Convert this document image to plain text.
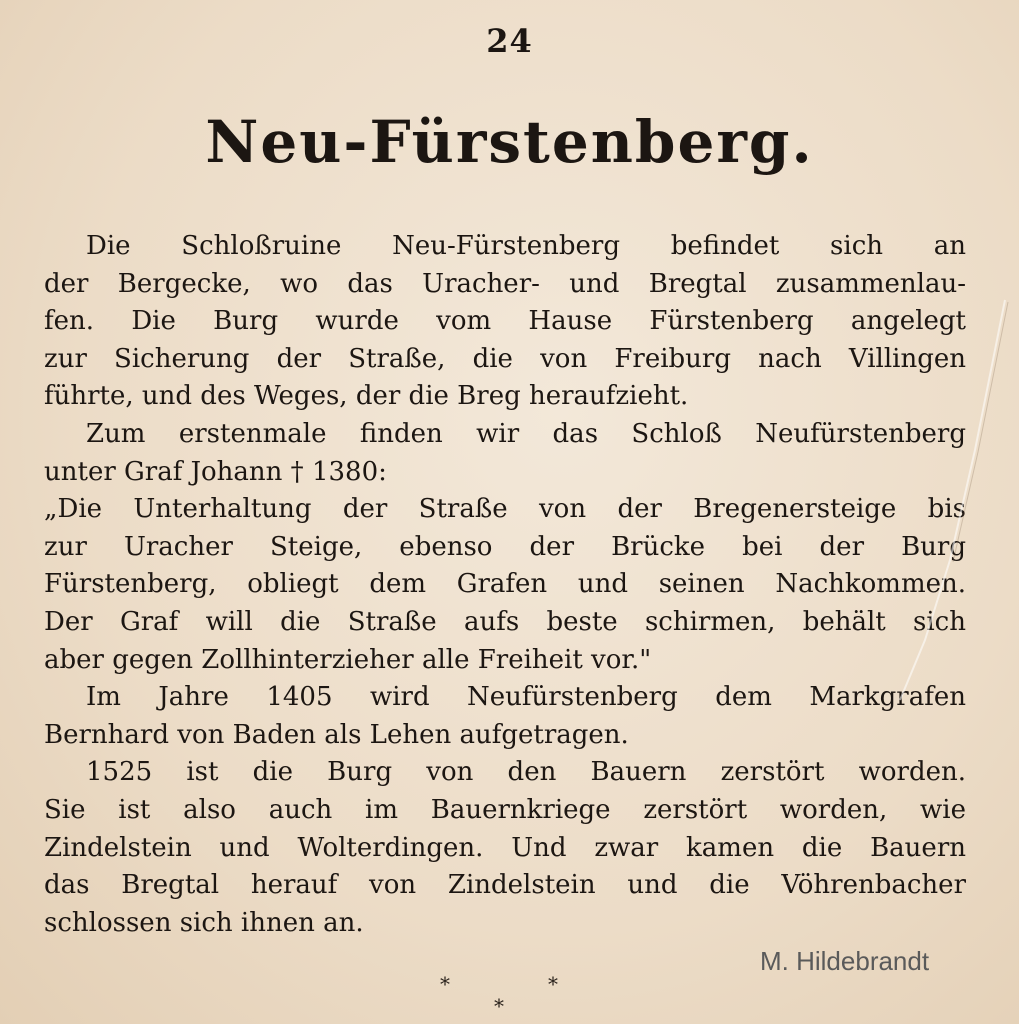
24
Neu-Fürstenberg.
Die Schloßruine Neu-Fürstenberg befindet sich an
der Bergecke, wo das Uracher- und Bregtal zusammenlau-
fen. Die Burg wurde vom Hause Fürstenberg angelegt
zur Sicherung der Straße, die von Freiburg nach Villingen
führte, und des Weges, der die Breg heraufzieht.
Zum erstenmale finden wir das Schloß Neufürstenberg
unter Graf Johann † 1380:
„Die Unterhaltung der Straße von der Bregenersteige bis
zur Uracher Steige, ebenso der Brücke bei der Burg
Fürstenberg, obliegt dem Grafen und seinen Nachkommen.
Der Graf will die Straße aufs beste schirmen, behält sich
aber gegen Zollhinterzieher alle Freiheit vor."
Im Jahre 1405 wird Neufürstenberg dem Markgrafen
Bernhard von Baden als Lehen aufgetragen.
1525 ist die Burg von den Bauern zerstört worden.
Sie ist also auch im Bauernkriege zerstört worden, wie
Zindelstein und Wolterdingen. Und zwar kamen die Bauern
das Bregtal herauf von Zindelstein und die Vöhrenbacher
schlossen sich ihnen an.
*	*
*
M. Hildebrandt
